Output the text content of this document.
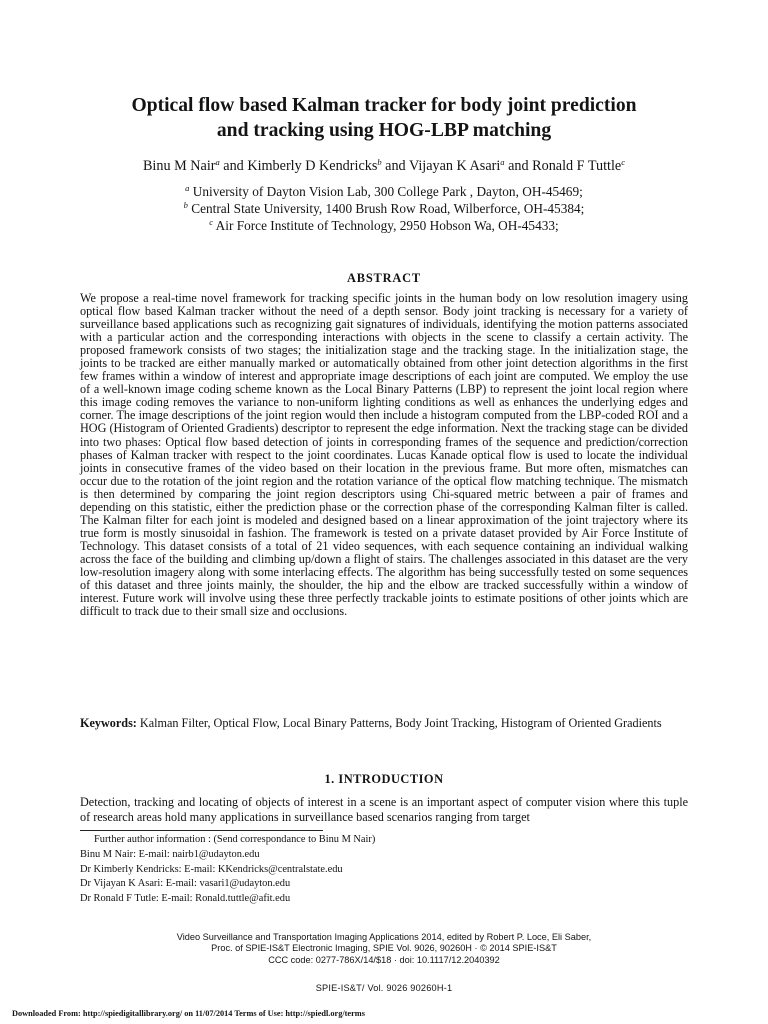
Optical flow based Kalman tracker for body joint prediction
and tracking using HOG-LBP matching
Binu M Nair$^a$ and Kimberly D Kendricks$^b$ and Vijayan K Asari$^a$ and Ronald F Tuttle$^c$
$^a$ University of Dayton Vision Lab, 300 College Park , Dayton, OH-45469;
$^b$ Central State University, 1400 Brush Row Road, Wilberforce, OH-45384;
$^c$ Air Force Institute of Technology, 2950 Hobson Wa, OH-45433;
ABSTRACT

We propose a real-time novel framework for tracking specific joints in the human body on low resolution imagery using optical flow based Kalman tracker without the need of a depth sensor. Body joint tracking is necessary for a variety of surveillance based applications such as recognizing gait signatures of individuals, identifying the motion patterns associated with a particular action and the corresponding interactions with objects in the scene to classify a certain activity. The proposed framework consists of two stages; the initialization stage and the tracking stage. In the initialization stage, the joints to be tracked are either manually marked or automatically obtained from other joint detection algorithms in the first few frames within a window of interest and appropriate image descriptions of each joint are computed. We employ the use of a well-known image coding scheme known as the Local Binary Patterns (LBP) to represent the joint local region where this image coding removes the variance to non-uniform lighting conditions as well as enhances the underlying edges and corner. The image descriptions of the joint region would then include a histogram computed from the LBP-coded ROI and a HOG (Histogram of Oriented Gradients) descriptor to represent the edge information. Next the tracking stage can be divided into two phases: Optical flow based detection of joints in corresponding frames of the sequence and prediction/correction phases of Kalman tracker with respect to the joint coordinates. Lucas Kanade optical flow is used to locate the individual joints in consecutive frames of the video based on their location in the previous frame. But more often, mismatches can occur due to the rotation of the joint region and the rotation variance of the optical flow matching technique. The mismatch is then determined by comparing the joint region descriptors using Chi-squared metric between a pair of frames and depending on this statistic, either the prediction phase or the correction phase of the corresponding Kalman filter is called. The Kalman filter for each joint is modeled and designed based on a linear approximation of the joint trajectory where its true form is mostly sinusoidal in fashion. The framework is tested on a private dataset provided by Air Force Institute of Technology. This dataset consists of a total of 21 video sequences, with each sequence containing an individual walking across the face of the building and climbing up/down a flight of stairs. The challenges associated in this dataset are the very low-resolution imagery along with some interlacing effects. The algorithm has being successfully tested on some sequences of this dataset and three joints mainly, the shoulder, the hip and the elbow are tracked successfully within a window of interest. Future work will involve using these three perfectly trackable joints to estimate positions of other joints which are difficult to track due to their small size and occlusions.

Keywords: Kalman Filter, Optical Flow, Local Binary Patterns, Body Joint Tracking, Histogram of Oriented Gradients
1. INTRODUCTION

Detection, tracking and locating of objects of interest in a scene is an important aspect of computer vision where this tuple of research areas hold many applications in surveillance based scenarios ranging from target

Further author information : (Send correspondance to Binu M Nair)
Binu M Nair: E-mail: nairb1@udayton.edu
Dr Kimberly Kendricks: E-mail: KKendricks@centralstate.edu
Dr Vijayan K Asari: E-mail: vasari1@udayton.edu
Dr Ronald F Tutle: E-mail: Ronald.tuttle@afit.edu
Video Surveillance and Transportation Imaging Applications 2014, edited by Robert P. Loce, Eli Saber,
Proc. of SPIE-IS&T Electronic Imaging, SPIE Vol. 9026, 90260H · © 2014 SPIE-IS&T
CCC code: 0277-786X/14/$18 · doi: 10.1117/12.2040392
SPIE-IS&T/ Vol. 9026 90260H-1
Downloaded From: http://spiedigitallibrary.org/ on 11/07/2014 Terms of Use: http://spiedl.org/terms
